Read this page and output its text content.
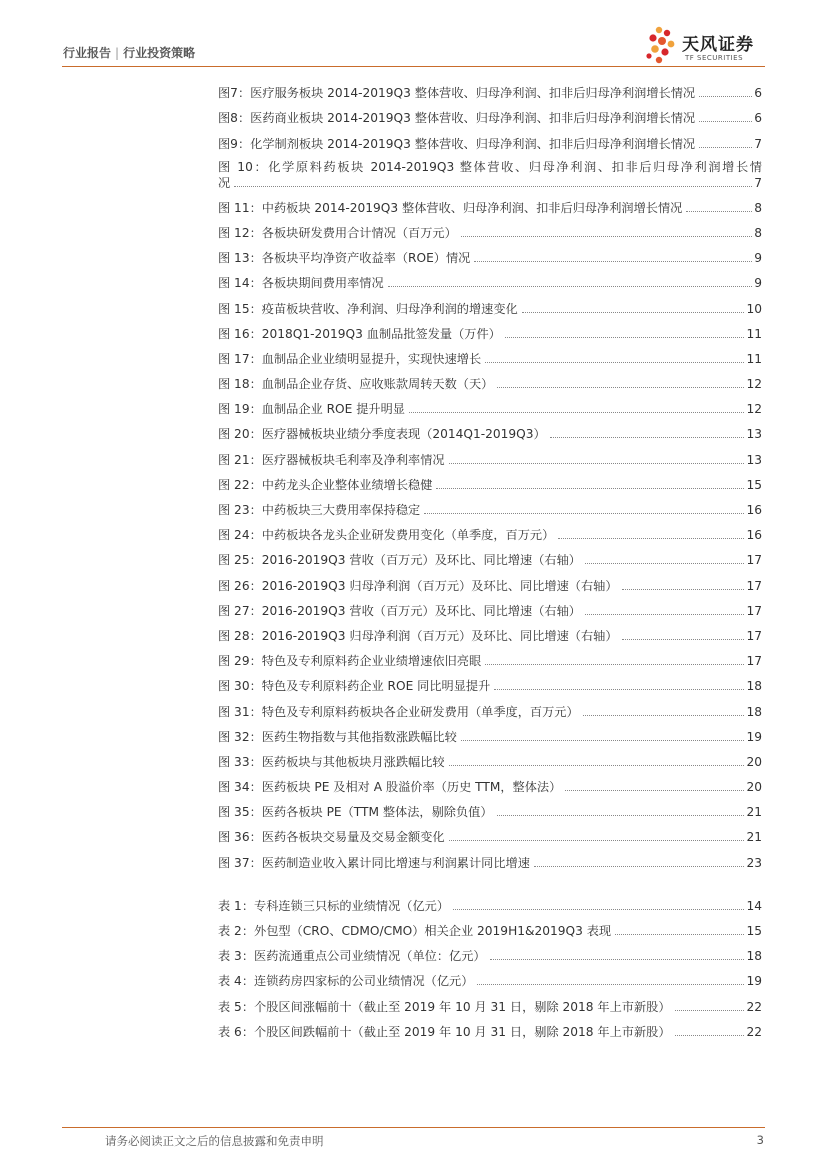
行业报告 | 行业投资策略	天风证券
TF SECURITIES
图7：医疗服务板块 2014-2019Q3 整体营收、归母净利润、扣非后归母净利润增长情况	6
图8：医药商业板块 2014-2019Q3 整体营收、归母净利润、扣非后归母净利润增长情况	6
图9：化学制剂板块 2014-2019Q3 整体营收、归母净利润、扣非后归母净利润增长情况	7
图 10：化学原料药板块 2014-2019Q3 整体营收、归母净利润、扣非后归母净利润增长情
况	7
图 11：中药板块 2014-2019Q3 整体营收、归母净利润、扣非后归母净利润增长情况	8
图 12：各板块研发费用合计情况（百万元）	8
图 13：各板块平均净资产收益率（ROE）情况	9
图 14：各板块期间费用率情况	9
图 15：疫苗板块营收、净利润、归母净利润的增速变化	10
图 16：2018Q1-2019Q3 血制品批签发量（万件）	11
图 17：血制品企业业绩明显提升，实现快速增长	11
图 18：血制品企业存货、应收账款周转天数（天）	12
图 19：血制品企业 ROE 提升明显	12
图 20：医疗器械板块业绩分季度表现（2014Q1-2019Q3）	13
图 21：医疗器械板块毛利率及净利率情况	13
图 22：中药龙头企业整体业绩增长稳健	15
图 23：中药板块三大费用率保持稳定	16
图 24：中药板块各龙头企业研发费用变化（单季度，百万元）	16
图 25：2016-2019Q3 营收（百万元）及环比、同比增速（右轴）	17
图 26：2016-2019Q3 归母净利润（百万元）及环比、同比增速（右轴）	17
图 27：2016-2019Q3 营收（百万元）及环比、同比增速（右轴）	17
图 28：2016-2019Q3 归母净利润（百万元）及环比、同比增速（右轴）	17
图 29：特色及专利原料药企业业绩增速依旧亮眼	17
图 30：特色及专利原料药企业 ROE 同比明显提升	18
图 31：特色及专利原料药板块各企业研发费用（单季度，百万元）	18
图 32：医药生物指数与其他指数涨跌幅比较	19
图 33：医药板块与其他板块月涨跌幅比较	20
图 34：医药板块 PE 及相对 A 股溢价率（历史 TTM，整体法）	20
图 35：医药各板块 PE（TTM 整体法，剔除负值）	21
图 36：医药各板块交易量及交易金额变化	21
图 37：医药制造业收入累计同比增速与利润累计同比增速	23
表 1：专科连锁三只标的业绩情况（亿元）	14
表 2：外包型（CRO、CDMO/CMO）相关企业 2019H1&2019Q3 表现	15
表 3：医药流通重点公司业绩情况（单位：亿元）	18
表 4：连锁药房四家标的公司业绩情况（亿元）	19
表 5：个股区间涨幅前十（截止至 2019 年 10 月 31 日，剔除 2018 年上市新股）	22
表 6：个股区间跌幅前十（截止至 2019 年 10 月 31 日，剔除 2018 年上市新股）	22
请务必阅读正文之后的信息披露和免责申明	3
